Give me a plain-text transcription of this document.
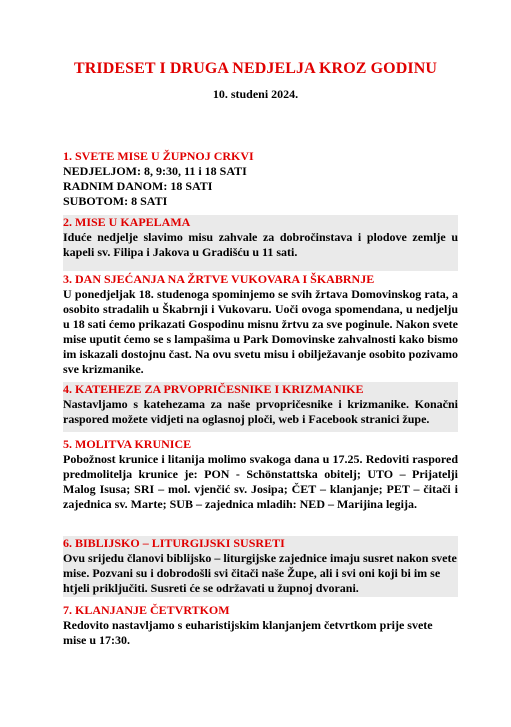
TRIDESET I DRUGA NEDJELJA KROZ GODINU
10. studeni 2024.
1. SVETE MISE U ŽUPNOJ CRKVI
NEDJELJOM: 8, 9:30, 11 i 18 SATI
RADNIM DANOM: 18 SATI
SUBOTOM: 8 SATI
2. MISE U KAPELAMA
Iduće nedjelje slavimo misu zahvale za dobročinstava i plodove zemlje u kapeli sv. Filipa i Jakova u Gradišću u 11 sati.
3. DAN SJEĆANJA NA ŽRTVE VUKOVARA I ŠKABRNJE
U ponedjeljak 18. studenoga spominjemo se svih žrtava Domovinskog rata, a osobito stradalih u Škabrnji i Vukovaru. Uoči ovoga spomendana, u nedjelju u 18 sati ćemo prikazati Gospodinu misnu žrtvu za sve poginule. Nakon svete mise uputit ćemo se s lampašima u Park Domovinske zahvalnosti kako bismo im iskazali dostojnu čast. Na ovu svetu misu i obilježavanje osobito pozivamo sve krizmanike.
4. KATEHEZE ZA PRVOPRIČESNIKE I KRIZMANIKE
Nastavljamo s katehezama za naše prvopričesnike i krizmanike. Konačni raspored možete vidjeti na oglasnoj ploči, web i Facebook stranici župe.
5. MOLITVA KRUNICE
Pobožnost krunice i litanija molimo svakoga dana u 17.25. Redoviti raspored predmolitelja krunice je: PON - Schönstattska obitelj; UTO – Prijatelji Malog Isusa; SRI – mol. vjenčić sv. Josipa; ČET – klanjanje; PET – čitači i zajednica sv. Marte; SUB – zajednica mladih: NED – Marijina legija.
6. BIBLIJSKO – LITURGIJSKI SUSRETI
Ovu srijedu članovi biblijsko – liturgijske zajednice imaju susret nakon svete mise. Pozvani su i dobrodošli svi čitači naše Župe, ali i svi oni koji bi im se htjeli priključiti. Susreti će se održavati u župnoj dvorani.
7. KLANJANJE ČETVRTKOM
Redovito nastavljamo s euharistijskim klanjanjem četvrtkom prije svete mise u 17:30.
